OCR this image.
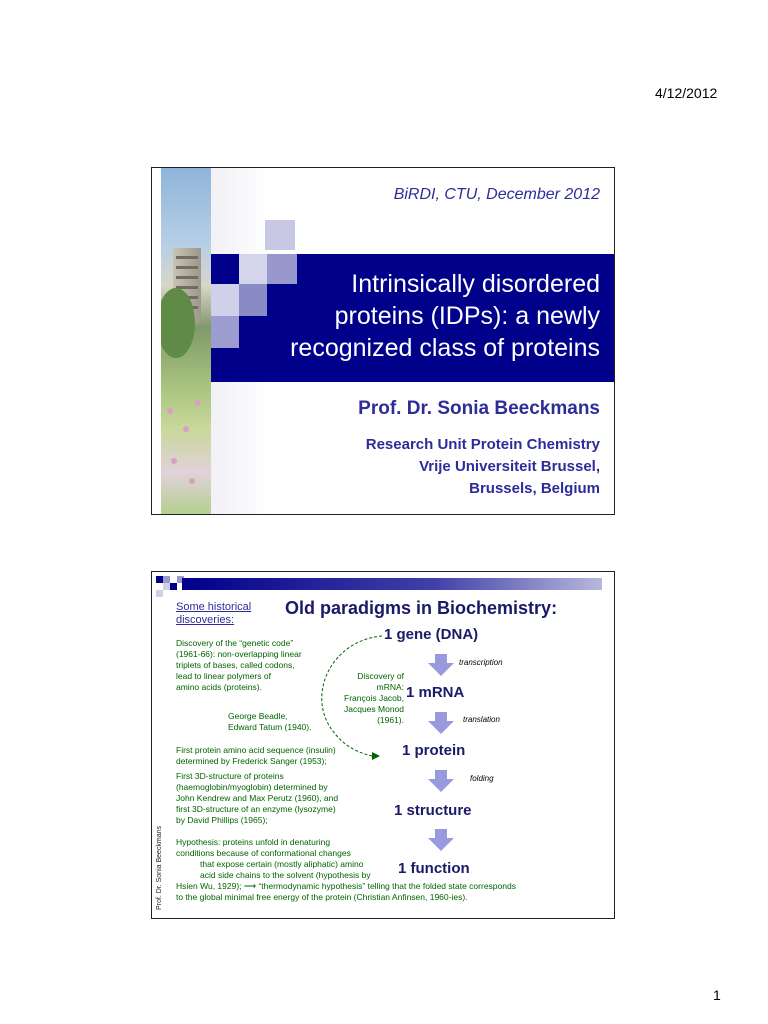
4/12/2012
BiRDI, CTU, December 2012
Intrinsically disordered
proteins (IDPs): a newly
recognized class of proteins
Prof. Dr. Sonia Beeckmans
Research Unit Protein Chemistry
Vrije Universiteit Brussel,
Brussels, Belgium
Prof. Dr. Sonia Beeckmans
Some historical discoveries:
Old paradigms in Biochemistry:
1 gene (DNA)
1 mRNA
1 protein
1 structure
1 function
transcription
translation
folding
Discovery of the “genetic code”
(1961-66): non-overlapping linear
triplets of bases, called codons,
lead to linear polymers of
amino acids (proteins).
Discovery of
mRNA:
François Jacob,
Jacques Monod
(1961).
George Beadle,
Edward Tatum (1940).
First protein amino acid sequence (insulin)
determined by Frederick Sanger (1953);
First 3D-structure of proteins
(haemoglobin/myoglobin) determined by
John Kendrew and Max Perutz (1960), and
first 3D-structure of an enzyme (lysozyme)
by David Phillips (1965);
Hypothesis: proteins unfold in denaturing
conditions because of conformational changes
that expose certain (mostly aliphatic) amino
acid side chains to the solvent (hypothesis by
Hsien Wu, 1929); ⟶ “thermodynamic hypothesis” telling that the folded state corresponds
to the global minimal free energy of the protein (Christian Anfinsen, 1960-ies).
1
